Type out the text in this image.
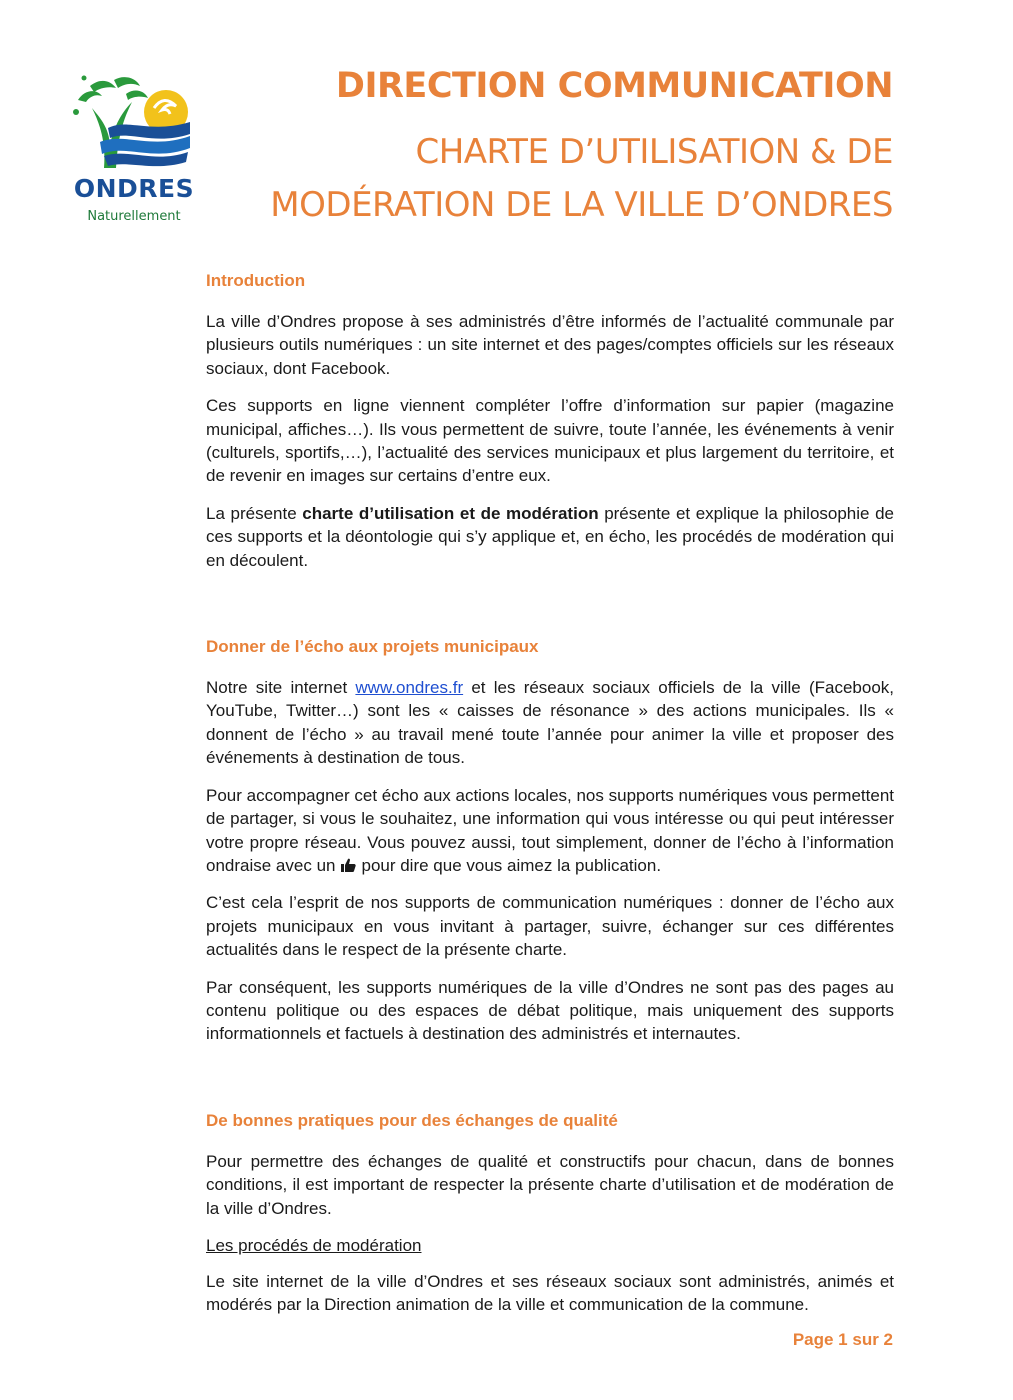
ONDRES
Naturellement
DIRECTION COMMUNICATION
CHARTE D’UTILISATION & DE
MODÉRATION DE LA VILLE D’ONDRES
Introduction

La ville d’Ondres propose à ses administrés d’être informés de l’actualité communale par plusieurs outils numériques : un site internet et des pages/comptes officiels sur les réseaux sociaux, dont Facebook.

Ces supports en ligne viennent compléter l’offre d’information sur papier (magazine municipal, affiches…). Ils vous permettent de suivre, toute l’année, les événements à venir (culturels, sportifs,…), l’actualité des services municipaux et plus largement du territoire, et de revenir en images sur certains d’entre eux.

La présente charte d’utilisation et de modération présente et explique la philosophie de ces supports et la déontologie qui s’y applique et, en écho, les procédés de modération qui en découlent.

Donner de l’écho aux projets municipaux

Notre site internet www.ondres.fr et les réseaux sociaux officiels de la ville (Facebook, YouTube, Twitter…) sont les « caisses de résonance » des actions municipales. Ils « donnent de l’écho » au travail mené toute l’année pour animer la ville et proposer des événements à destination de tous.

Pour accompagner cet écho aux actions locales, nos supports numériques vous permettent de partager, si vous le souhaitez, une information qui vous intéresse ou qui peut intéresser votre propre réseau. Vous pouvez aussi, tout simplement, donner de l’écho à l’information ondraise avec un pour dire que vous aimez la publication.

C’est cela l’esprit de nos supports de communication numériques : donner de l’écho aux projets municipaux en vous invitant à partager, suivre, échanger sur ces différentes actualités dans le respect de la présente charte.

Par conséquent, les supports numériques de la ville d’Ondres ne sont pas des pages au contenu politique ou des espaces de débat politique, mais uniquement des supports informationnels et factuels à destination des administrés et internautes.

De bonnes pratiques pour des échanges de qualité

Pour permettre des échanges de qualité et constructifs pour chacun, dans de bonnes conditions, il est important de respecter la présente charte d’utilisation et de modération de la ville d’Ondres.

Les procédés de modération

Le site internet de la ville d’Ondres et ses réseaux sociaux sont administrés, animés et modérés par la Direction animation de la ville et communication de la commune.

Page 1 sur 2
